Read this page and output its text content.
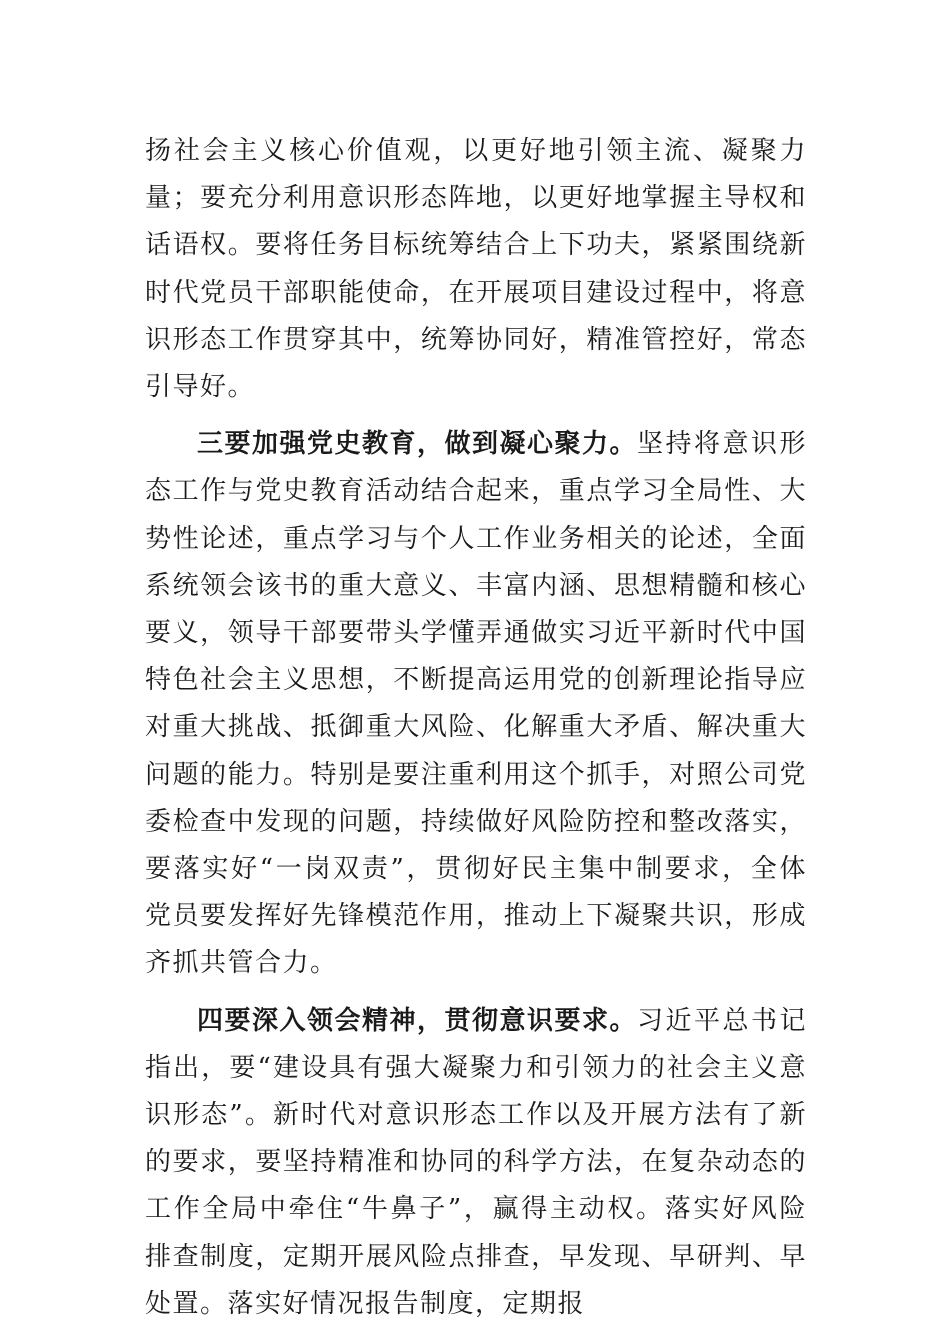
扬社会主义核心价值观，以更好地引领主流、凝聚力量；要充分利用意识形态阵地，以更好地掌握主导权和话语权。要将任务目标统筹结合上下功夫，紧紧围绕新时代党员干部职能使命，在开展项目建设过程中，将意识形态工作贯穿其中，统筹协同好，精准管控好，常态引导好。

三要加强党史教育，做到凝心聚力。坚持将意识形态工作与党史教育活动结合起来，重点学习全局性、大势性论述，重点学习与个人工作业务相关的论述，全面系统领会该书的重大意义、丰富内涵、思想精髓和核心要义，领导干部要带头学懂弄通做实习近平新时代中国特色社会主义思想，不断提高运用党的创新理论指导应对重大挑战、抵御重大风险、化解重大矛盾、解决重大问题的能力。特别是要注重利用这个抓手，对照公司党委检查中发现的问题，持续做好风险防控和整改落实，要落实好“一岗双责”，贯彻好民主集中制要求，全体党员要发挥好先锋模范作用，推动上下凝聚共识，形成齐抓共管合力。

四要深入领会精神，贯彻意识要求。习近平总书记指出，要“建设具有强大凝聚力和引领力的社会主义意识形态”。新时代对意识形态工作以及开展方法有了新的要求，要坚持精准和协同的科学方法，在复杂动态的工作全局中牵住“牛鼻子”，赢得主动权。落实好风险排查制度，定期开展风险点排查，早发现、早研判、早处置。落实好情况报告制度，定期报
